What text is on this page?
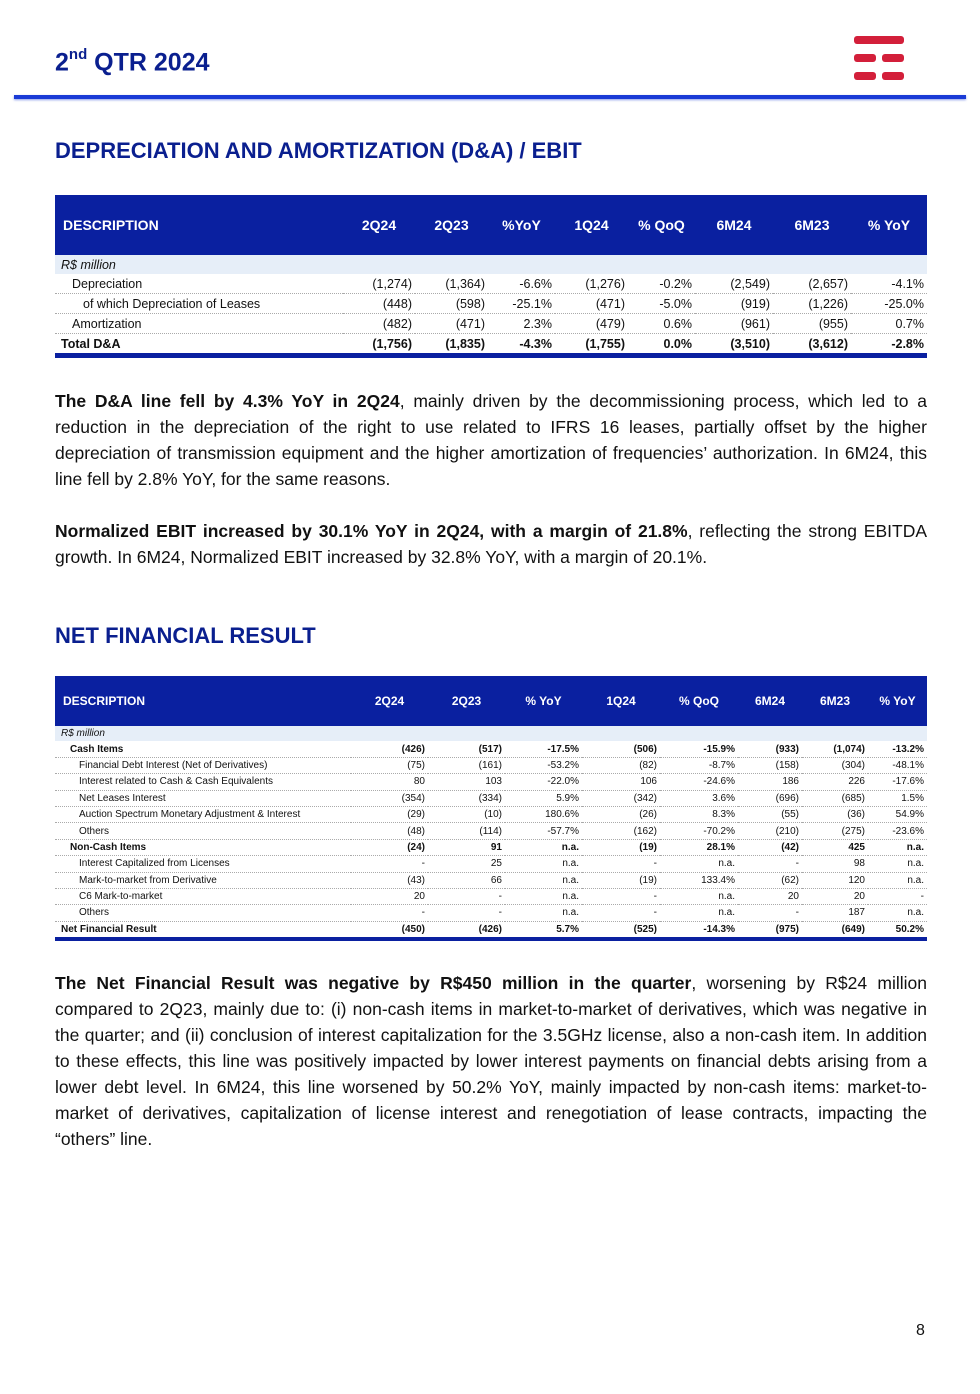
2nd QTR 2024
DEPRECIATION AND AMORTIZATION (D&A) / EBIT
DESCRIPTION	2Q24	2Q23	%YoY	1Q24	% QoQ	6M24	6M23	% YoY
R$ million								
Depreciation	(1,274)	(1,364)	-6.6%	(1,276)	-0.2%	(2,549)	(2,657)	-4.1%
of which Depreciation of Leases	(448)	(598)	-25.1%	(471)	-5.0%	(919)	(1,226)	-25.0%
Amortization	(482)	(471)	2.3%	(479)	0.6%	(961)	(955)	0.7%
Total D&A	(1,756)	(1,835)	-4.3%	(1,755)	0.0%	(3,510)	(3,612)	-2.8%
The D&A line fell by 4.3% YoY in 2Q24, mainly driven by the decommissioning process, which led to a reduction in the depreciation of the right to use related to IFRS 16 leases, partially offset by the higher depreciation of transmission equipment and the higher amortization of frequencies’ authorization. In 6M24, this line fell by 2.8% YoY, for the same reasons.
Normalized EBIT increased by 30.1% YoY in 2Q24, with a margin of 21.8%, reflecting the strong EBITDA growth. In 6M24, Normalized EBIT increased by 32.8% YoY, with a margin of 20.1%.
NET FINANCIAL RESULT
DESCRIPTION	2Q24	2Q23	% YoY	1Q24	% QoQ	6M24	6M23	% YoY
R$ million								
Cash Items	(426)	(517)	-17.5%	(506)	-15.9%	(933)	(1,074)	-13.2%
Financial Debt Interest (Net of Derivatives)	(75)	(161)	-53.2%	(82)	-8.7%	(158)	(304)	-48.1%
Interest related to Cash & Cash Equivalents	80	103	-22.0%	106	-24.6%	186	226	-17.6%
Net Leases Interest	(354)	(334)	5.9%	(342)	3.6%	(696)	(685)	1.5%
Auction Spectrum Monetary Adjustment & Interest	(29)	(10)	180.6%	(26)	8.3%	(55)	(36)	54.9%
Others	(48)	(114)	-57.7%	(162)	-70.2%	(210)	(275)	-23.6%
Non-Cash Items	(24)	91	n.a.	(19)	28.1%	(42)	425	n.a.
Interest Capitalized from Licenses	-	25	n.a.	-	n.a.	-	98	n.a.
Mark-to-market from Derivative	(43)	66	n.a.	(19)	133.4%	(62)	120	n.a.
C6 Mark-to-market	20	-	n.a.	-	n.a.	20	20	-
Others	-	-	n.a.	-	n.a.	-	187	n.a.
Net Financial Result	(450)	(426)	5.7%	(525)	-14.3%	(975)	(649)	50.2%
The Net Financial Result was negative by R$450 million in the quarter, worsening by R$24 million compared to 2Q23, mainly due to: (i) non-cash items in market-to-market of derivatives, which was negative in the quarter; and (ii) conclusion of interest capitalization for the 3.5GHz license, also a non-cash item. In addition to these effects, this line was positively impacted by lower interest payments on financial debts arising from a lower debt level. In 6M24, this line worsened by 50.2% YoY, mainly impacted by non-cash items: market-to-market of derivatives, capitalization of license interest and renegotiation of lease contracts, impacting the “others” line.
8
